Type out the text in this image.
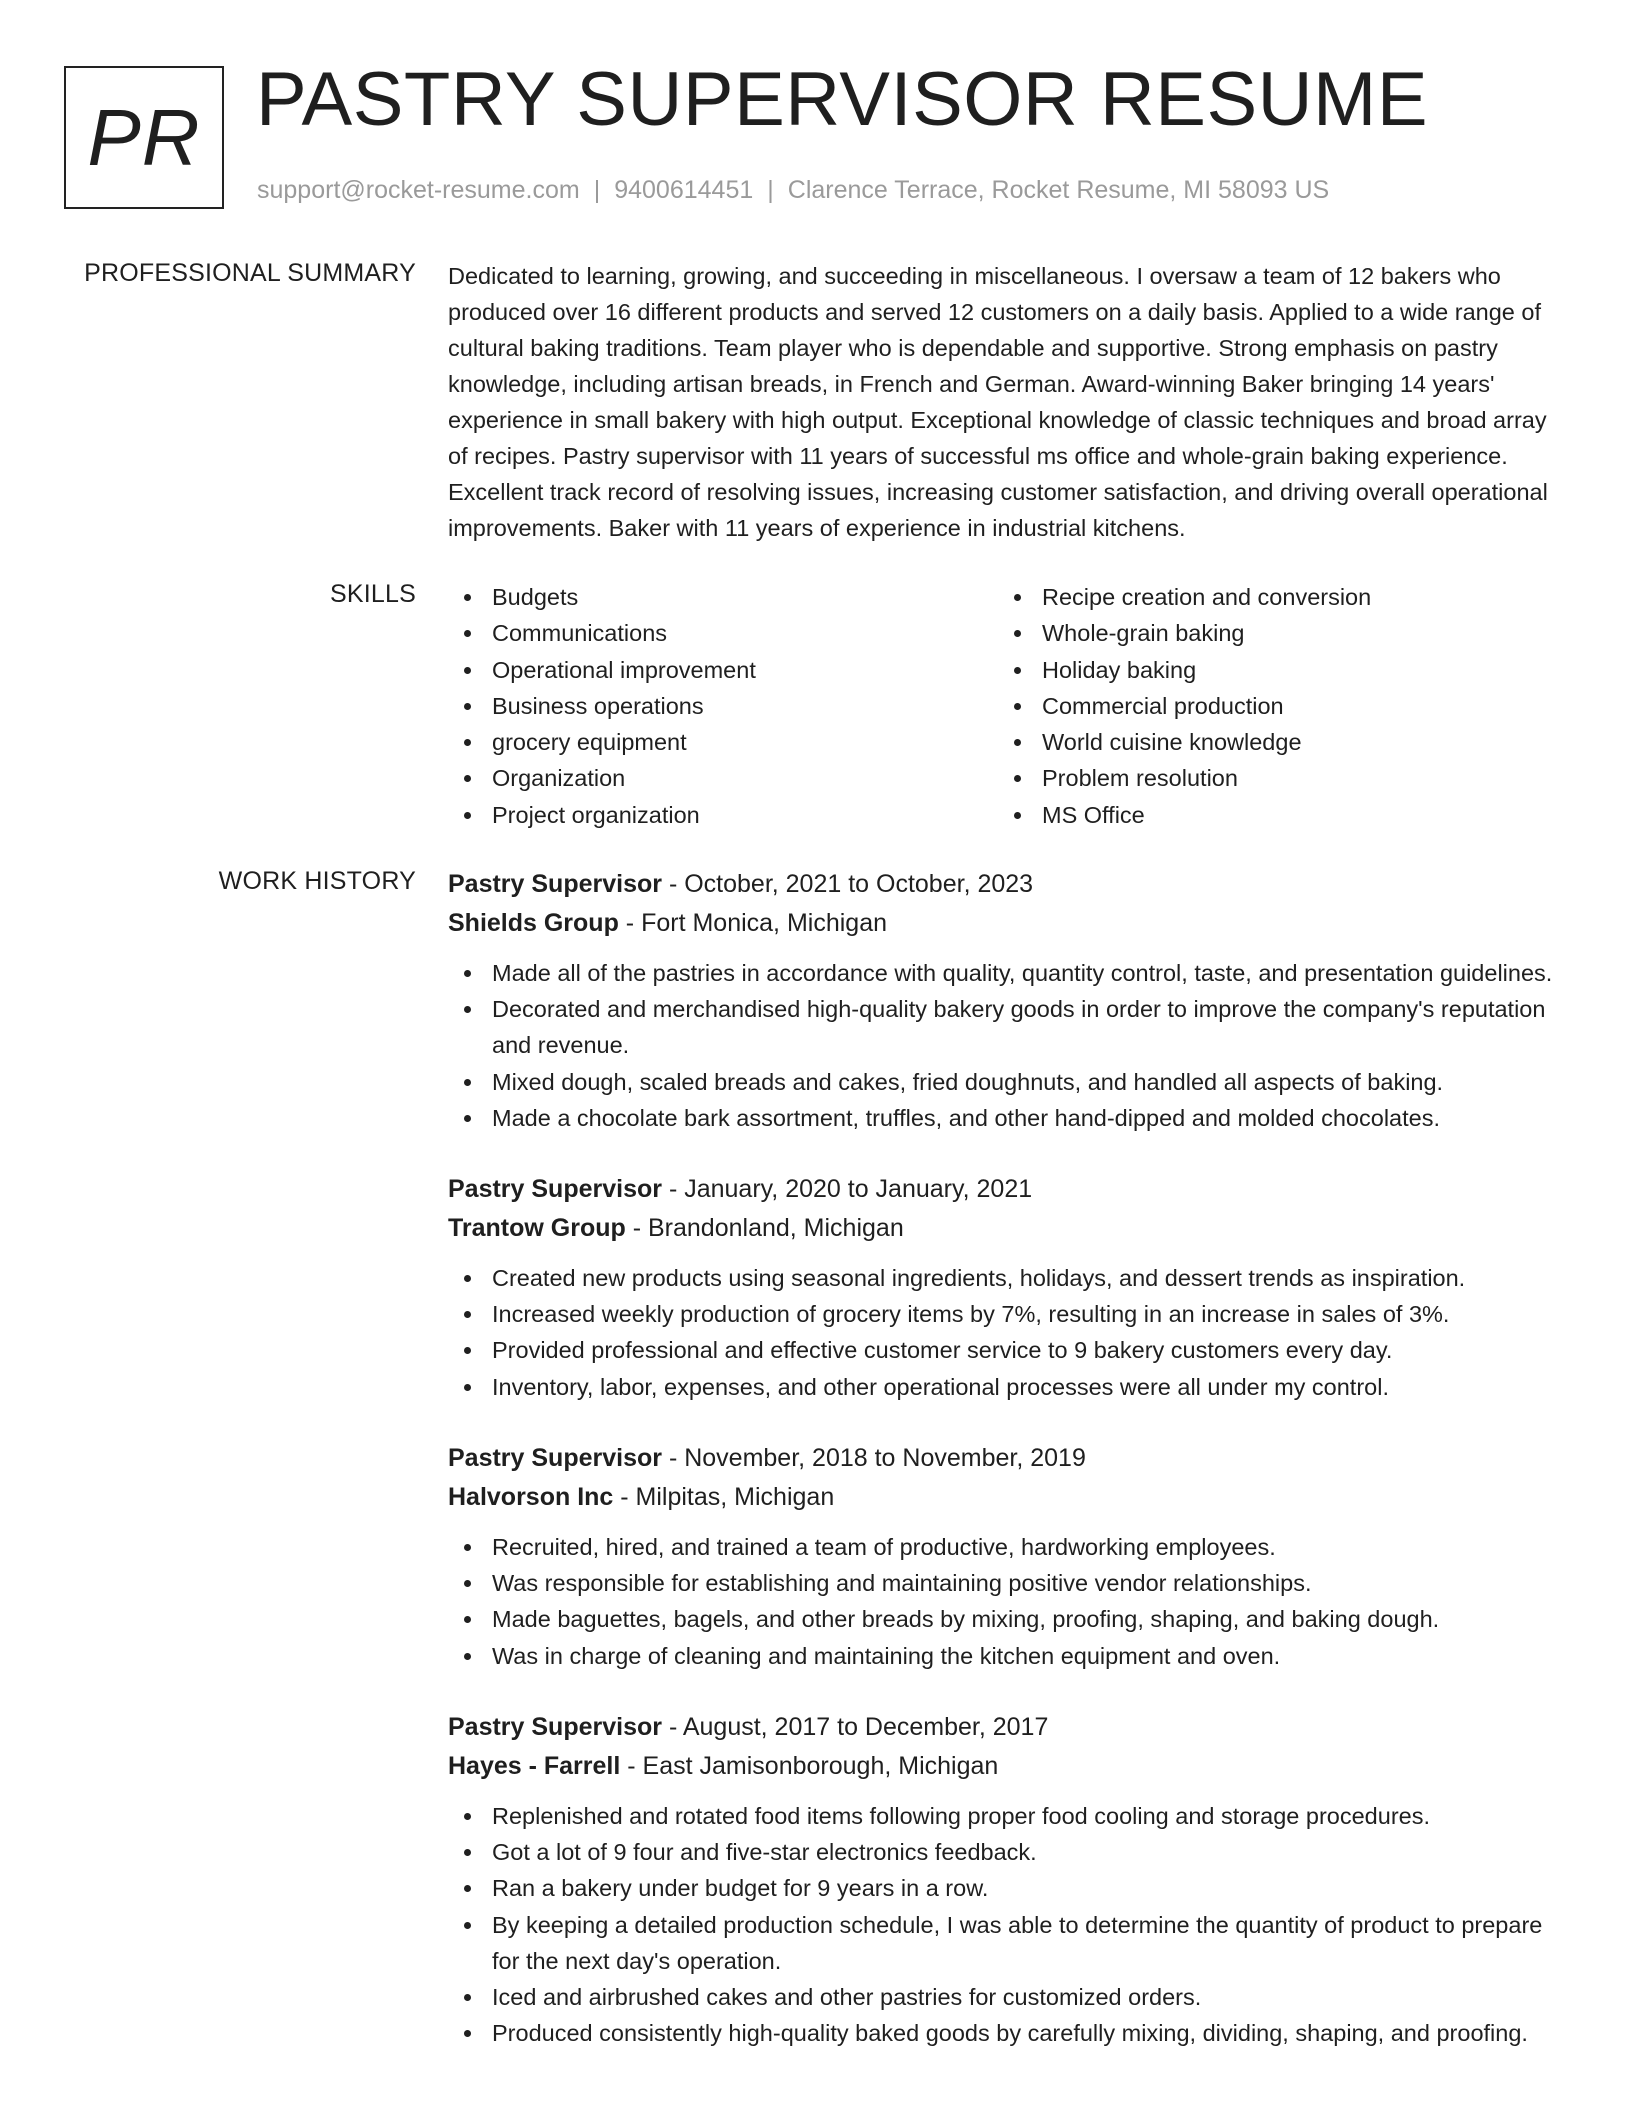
PR PASTRY SUPERVISOR RESUME
support@rocket-resume.com | 9400614451 | Clarence Terrace, Rocket Resume, MI 58093 US
PROFESSIONAL SUMMARY Dedicated to learning, growing, and succeeding in miscellaneous. I oversaw a team of 12 bakers who produced over 16 different products and served 12 customers on a daily basis. Applied to a wide range of cultural baking traditions. Team player who is dependable and supportive. Strong emphasis on pastry knowledge, including artisan breads, in French and German. Award-winning Baker bringing 14 years' experience in small bakery with high output. Exceptional knowledge of classic techniques and broad array of recipes. Pastry supervisor with 11 years of successful ms office and whole-grain baking experience. Excellent track record of resolving issues, increasing customer satisfaction, and driving overall operational improvements. Baker with 11 years of experience in industrial kitchens.

SKILLS	Budgets
Communications
Operational improvement
Business operations
grocery equipment
Organization
Project organization
Recipe creation and conversion
Whole-grain baking
Holiday baking
Commercial production
World cuisine knowledge
Problem resolution
MS Office
WORK HISTORY Pastry Supervisor - October, 2021 to October, 2023
Shields Group - Fort Monica, Michigan
Made all of the pastries in accordance with quality, quantity control, taste, and presentation guidelines.
Decorated and merchandised high-quality bakery goods in order to improve the company's reputation and revenue.
Mixed dough, scaled breads and cakes, fried doughnuts, and handled all aspects of baking.
Made a chocolate bark assortment, truffles, and other hand-dipped and molded chocolates.
Pastry Supervisor - January, 2020 to January, 2021
Trantow Group - Brandonland, Michigan
Created new products using seasonal ingredients, holidays, and dessert trends as inspiration.
Increased weekly production of grocery items by 7%, resulting in an increase in sales of 3%.
Provided professional and effective customer service to 9 bakery customers every day.
Inventory, labor, expenses, and other operational processes were all under my control.
Pastry Supervisor - November, 2018 to November, 2019
Halvorson Inc - Milpitas, Michigan
Recruited, hired, and trained a team of productive, hardworking employees.
Was responsible for establishing and maintaining positive vendor relationships.
Made baguettes, bagels, and other breads by mixing, proofing, shaping, and baking dough.
Was in charge of cleaning and maintaining the kitchen equipment and oven.
Pastry Supervisor - August, 2017 to December, 2017
Hayes - Farrell - East Jamisonborough, Michigan
Replenished and rotated food items following proper food cooling and storage procedures.
Got a lot of 9 four and five-star electronics feedback.
Ran a bakery under budget for 9 years in a row.
By keeping a detailed production schedule, I was able to determine the quantity of product to prepare for the next day's operation.
Iced and airbrushed cakes and other pastries for customized orders.
Produced consistently high-quality baked goods by carefully mixing, dividing, shaping, and proofing.
